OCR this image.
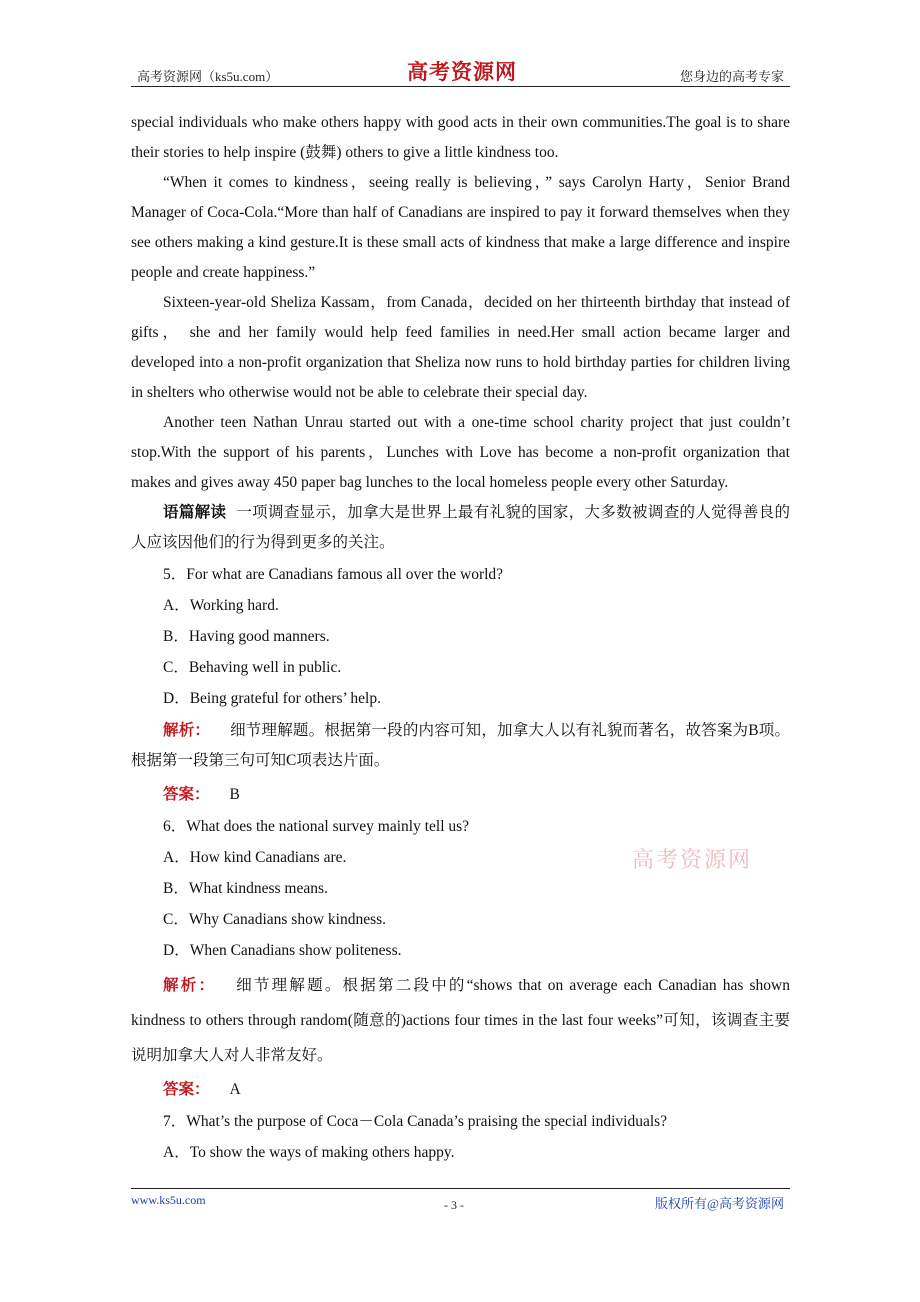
高考资源网（ks5u.com）	高考资源网	您身边的高考专家

special individuals who make others happy with good acts in their own communities.The goal is to share their stories to help inspire (鼓舞) others to give a little kindness too.

“When it comes to kindness，seeing really is believing，” says Carolyn Harty，Senior Brand Manager of Coca-Cola.“More than half of Canadians are inspired to pay it forward themselves when they see others making a kind gesture.It is these small acts of kindness that make a large difference and inspire people and create happiness.”

Sixteen-year-old Sheliza Kassam，from Canada，decided on her thirteenth birthday that instead of gifts， she and her family would help feed families in need.Her small action became larger and developed into a non-profit organization that Sheliza now runs to hold birthday parties for children living in shelters who otherwise would not be able to celebrate their special day.

Another teen Nathan Unrau started out with a one-time school charity project that just couldn’t stop.With the support of his parents，Lunches with Love has become a non-profit organization that makes and gives away 450 paper bag lunches to the local homeless people every other Saturday.

语篇解读 一项调查显示，加拿大是世界上最有礼貌的国家，大多数被调查的人觉得善良的人应该因他们的行为得到更多的关注。

5．For what are Canadians famous all over the world?

A．Working hard.

B．Having good manners.

C．Behaving well in public.

D．Being grateful for others’ help.

解析： 细节理解题。根据第一段的内容可知，加拿大人以有礼貌而著名，故答案为B项。根据第一段第三句可知C项表达片面。

答案： B

6．What does the national survey mainly tell us?

A．How kind Canadians are.

B．What kindness means.

C．Why Canadians show kindness.

D．When Canadians show politeness.

解析： 细节理解题。根据第二段中的“shows that on average each Canadian has shown kindness to others through random(随意的)actions four times in the last four weeks”可知，该调查主要说明加拿大人对人非常友好。

答案： A

7．What’s the purpose of Coca－Cola Canada’s praising the special individuals?

A．To show the ways of making others happy.

高考资源网
www.ks5u.com	版权所有@高考资源网
- 3 -
